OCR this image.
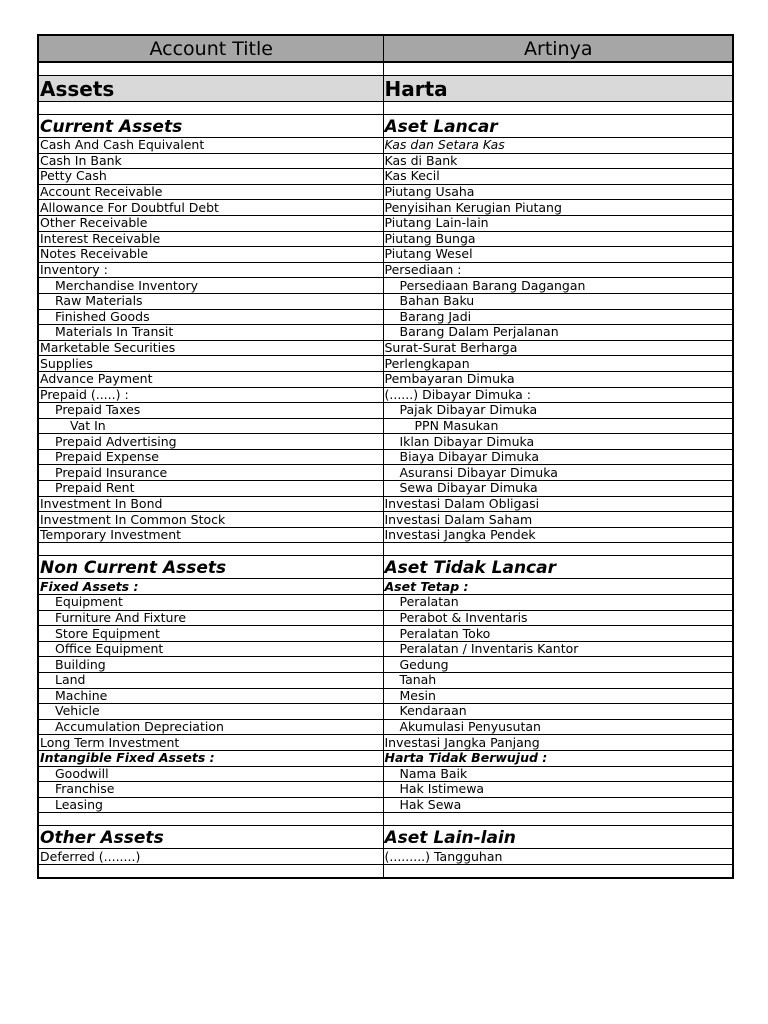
Account Title	Artinya

Assets	Harta

Current Assets	Aset Lancar
Cash And Cash Equivalent	Kas dan Setara Kas
Cash In Bank	Kas di Bank
Petty Cash	Kas Kecil
Account Receivable	Piutang Usaha
Allowance For Doubtful Debt	Penyisihan Kerugian Piutang
Other Receivable	Piutang Lain-lain
Interest Receivable	Piutang Bunga
Notes Receivable	Piutang Wesel
Inventory :	Persediaan :
Merchandise Inventory	Persediaan Barang Dagangan
Raw Materials	Bahan Baku
Finished Goods	Barang Jadi
Materials In Transit	Barang Dalam Perjalanan
Marketable Securities	Surat-Surat Berharga
Supplies	Perlengkapan
Advance Payment	Pembayaran Dimuka
Prepaid (.....) :	(......) Dibayar Dimuka :
Prepaid Taxes	Pajak Dibayar Dimuka
Vat In	PPN Masukan
Prepaid Advertising	Iklan Dibayar Dimuka
Prepaid Expense	Biaya Dibayar Dimuka
Prepaid Insurance	Asuransi Dibayar Dimuka
Prepaid Rent	Sewa Dibayar Dimuka
Investment In Bond	Investasi Dalam Obligasi
Investment In Common Stock	Investasi Dalam Saham
Temporary Investment	Investasi Jangka Pendek

Non Current Assets	Aset Tidak Lancar
Fixed Assets :	Aset Tetap :
Equipment	Peralatan
Furniture And Fixture	Perabot & Inventaris
Store Equipment	Peralatan Toko
Office Equipment	Peralatan / Inventaris Kantor
Building	Gedung
Land	Tanah
Machine	Mesin
Vehicle	Kendaraan
Accumulation Depreciation	Akumulasi Penyusutan
Long Term Investment	Investasi Jangka Panjang
Intangible Fixed Assets :	Harta Tidak Berwujud :
Goodwill	Nama Baik
Franchise	Hak Istimewa
Leasing	Hak Sewa

Other Assets	Aset Lain-lain
Deferred (........)	(.........) Tangguhan
